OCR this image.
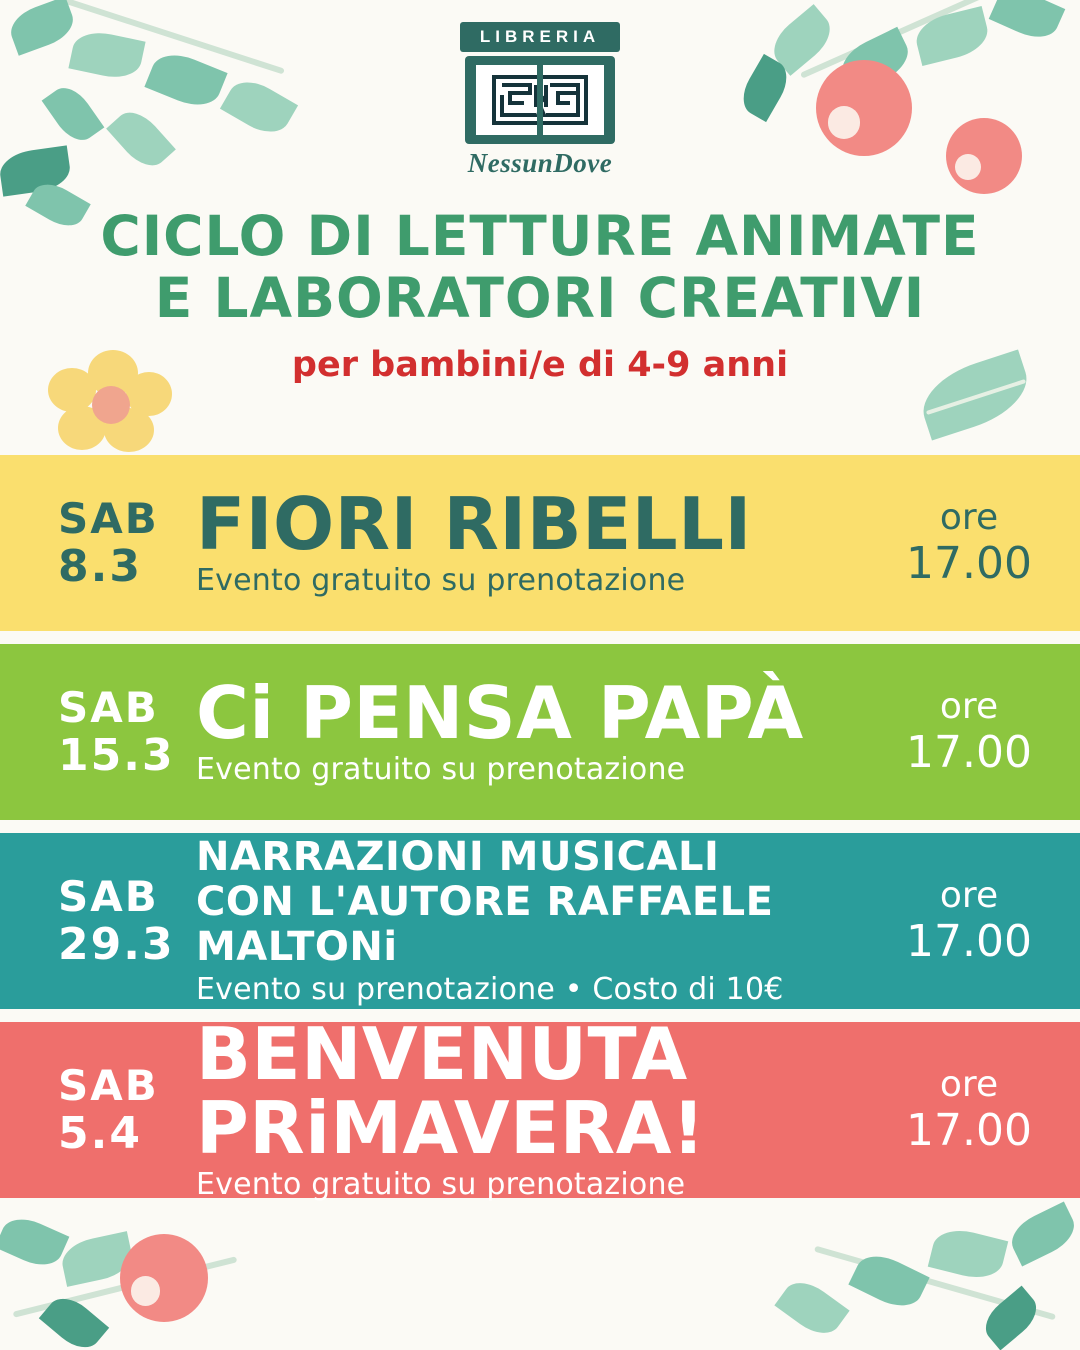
LIBRERIA
NessunDove
CICLO DI LETTURE ANIMATE
E LABORATORI CREATIVI
per bambini/e di 4-9 anni
SAB
8.3
FIORI RIBELLI
Evento gratuito su prenotazione
ore
17.00
SAB
15.3
Ci PENSA PAPÀ
Evento gratuito su prenotazione
ore
17.00
SAB
29.3
NARRAZIONI MUSICALI
CON L'AUTORE RAFFAELE MALTONi
Evento su prenotazione • Costo di 10€
ore
17.00
SAB
5.4
BENVENUTA PRiMAVERA!
Evento gratuito su prenotazione
ore
17.00
